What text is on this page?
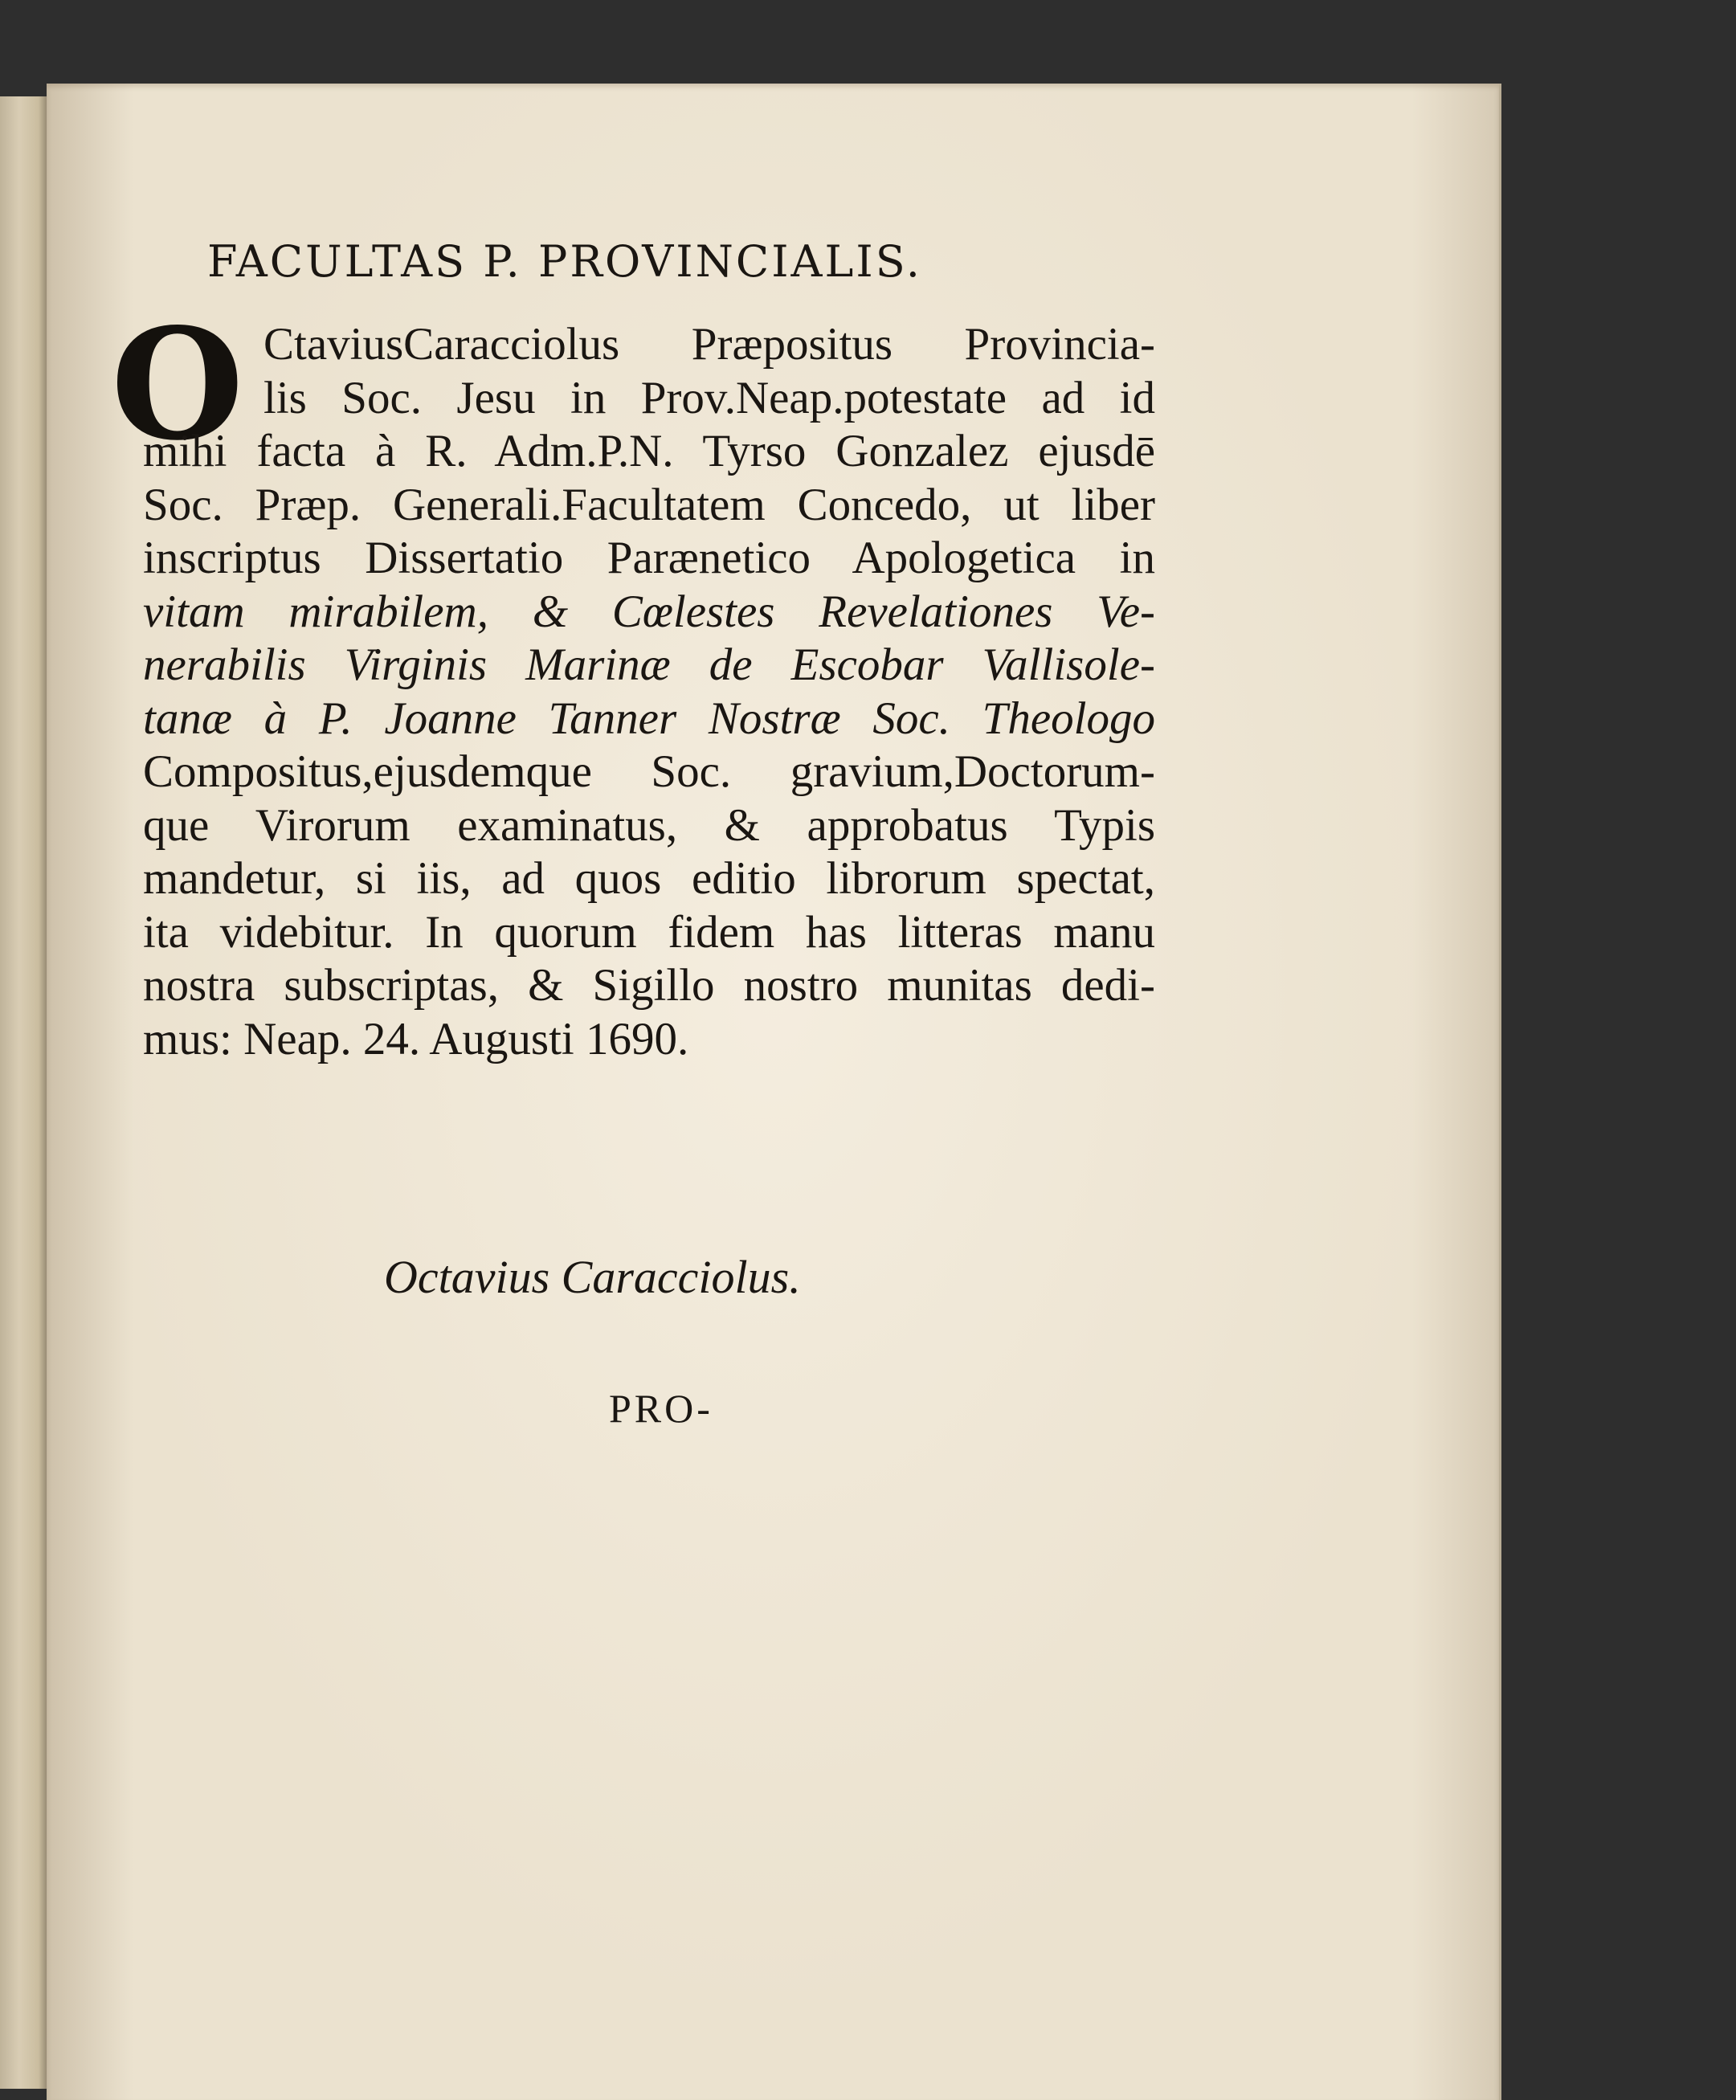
FACULTAS P. PROVINCIALIS.
O CtaviusCaracciolus Præpositus Provincia-
lis Soc. Jesu in Prov.Neap.potestate ad id
mihi facta à R. Adm.P.N. Tyrso Gonzalez ejusdē
Soc. Præp. Generali.Facultatem Concedo, ut liber
inscriptus Dissertatio Parænetico Apologetica in
vitam mirabilem, & Cœlestes Revelationes Ve-
nerabilis Virginis Marinæ de Escobar Vallisole-
tanæ à P. Joanne Tanner Nostræ Soc. Theologo
Compositus,ejusdemque Soc. gravium,Doctorum-
que Virorum examinatus, & approbatus Typis
mandetur, si iis, ad quos editio librorum spectat,
ita videbitur. In quorum fidem has litteras manu
nostra subscriptas, & Sigillo nostro munitas dedi-
mus: Neap. 24. Augusti 1690.
Octavius Caracciolus.
PRO-
